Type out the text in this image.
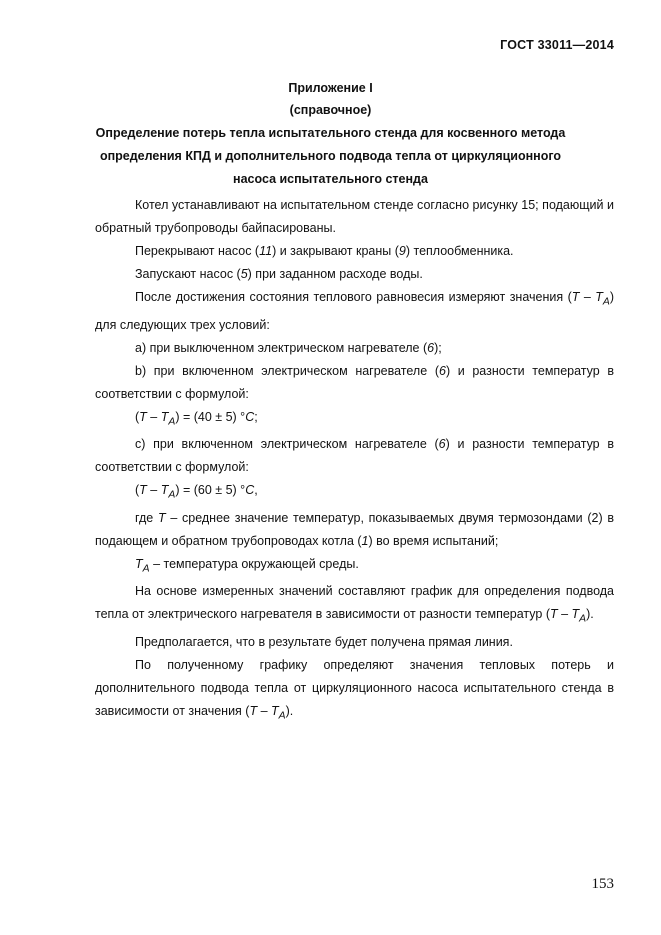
ГОСТ 33011—2014
Приложение I
(справочное)
Определение потерь тепла испытательного стенда для косвенного метода
определения КПД и дополнительного подвода тепла от циркуляционного
насоса испытательного стенда

Котел устанавливают на испытательном стенде согласно рисунку 15; подающий и обратный трубопроводы байпасированы.

Перекрывают насос (11) и закрывают краны (9) теплообменника.

Запускают насос (5) при заданном расходе воды.

После достижения состояния теплового равновесия измеряют значения $(T - T_A)$ для следующих трех условий:

а) при выключенном электрическом нагревателе (6);

b) при включенном электрическом нагревателе (6) и разности температур в соответствии с формулой:

$(T - T_A) = (40 \pm 5)$ °C;

с) при включенном электрическом нагревателе (6) и разности температур в соответствии с формулой:

$(T - T_A) = (60 \pm 5)$ °C,

где T – среднее значение температур, показываемых двумя термозондами (2) в подающем и обратном трубопроводах котла (1) во время испытаний;

$T_A$ – температура окружающей среды.

На основе измеренных значений составляют график для определения подвода тепла от электрического нагревателя в зависимости от разности температур $(T - T_A)$.

Предполагается, что в результате будет получена прямая линия.

По полученному графику определяют значения тепловых потерь и дополнительного подвода тепла от циркуляционного насоса испытательного стенда в зависимости от значения $(T - T_A)$.

153
